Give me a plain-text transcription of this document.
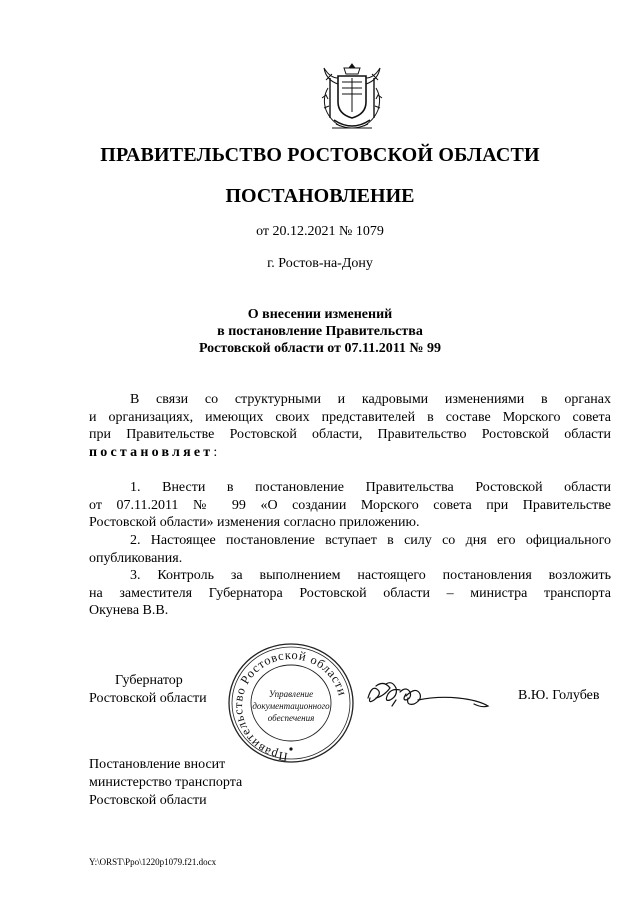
ПРАВИТЕЛЬСТВО РОСТОВСКОЙ ОБЛАСТИ
ПОСТАНОВЛЕНИЕ
от 20.12.2021 № 1079
г. Ростов-на-Дону
О внесении изменений
в постановление Правительства
Ростовской области от 07.11.2011 № 99
В связи со структурными и кадровыми изменениями в органах
и организациях, имеющих своих представителей в составе Морского совета
при Правительстве Ростовской области, Правительство Ростовской области
постановляет:
1. Внести в постановление Правительства Ростовской области
от 07.11.2011 № 99 «О создании Морского совета при Правительстве
Ростовской области» изменения согласно приложению.
2. Настоящее постановление вступает в силу со дня его официального
опубликования.
3. Контроль за выполнением настоящего постановления возложить
на заместителя Губернатора Ростовской области – министра транспорта
Окунева В.В.
Губернатор
Ростовской области
Правительство Ростовской области
Управление
документационного
обеспечения
В.Ю. Голубев
Постановление вносит
министерство транспорта
Ростовской области
Y:\ORST\Ppo\1220p1079.f21.docx
